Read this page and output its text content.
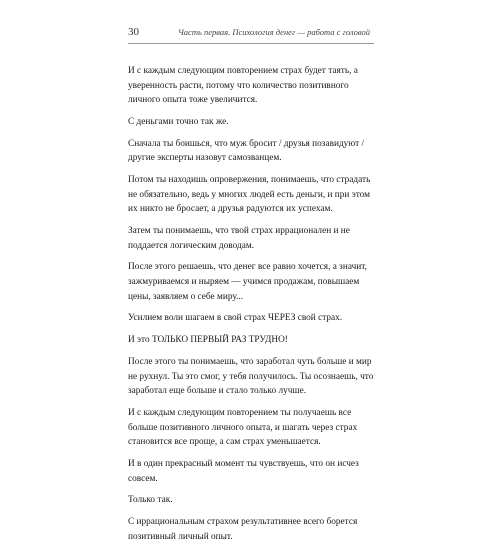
30	Часть первая. Психология денег — работа с головой

И с каждым следующим повторением страх будет таять, а уверенность расти, потому что количество позитивного личного опыта тоже увеличится.

С деньгами точно так же.

Сначала ты боишься, что муж бросит / друзья позавидуют / другие эксперты назовут самозванцем.

Потом ты находишь опровержения, понимаешь, что страдать не обязательно, ведь у многих людей есть деньги, и при этом их никто не бросает, а друзья радуются их успехам.

Затем ты понимаешь, что твой страх иррационален и не поддается логическим доводам.

После этого решаешь, что денег все равно хочется, а значит, зажмуриваемся и ныряем — учимся продажам, повышаем цены, заявляем о себе миру...

Усилием воли шагаем в свой страх ЧЕРЕЗ свой страх.

И это ТОЛЬКО ПЕРВЫЙ РАЗ ТРУДНО!

После этого ты понимаешь, что заработал чуть больше и мир не рухнул. Ты это смог, у тебя получилось. Ты осознаешь, что заработал еще больше и стало только лучше.

И с каждым следующим повторением ты получаешь все больше позитивного личного опыта, и шагать через страх становится все проще, а сам страх уменьшается.

И в один прекрасный момент ты чувствуешь, что он исчез совсем.

Только так.

С иррациональным страхом результативнее всего борется позитивный личный опыт.
